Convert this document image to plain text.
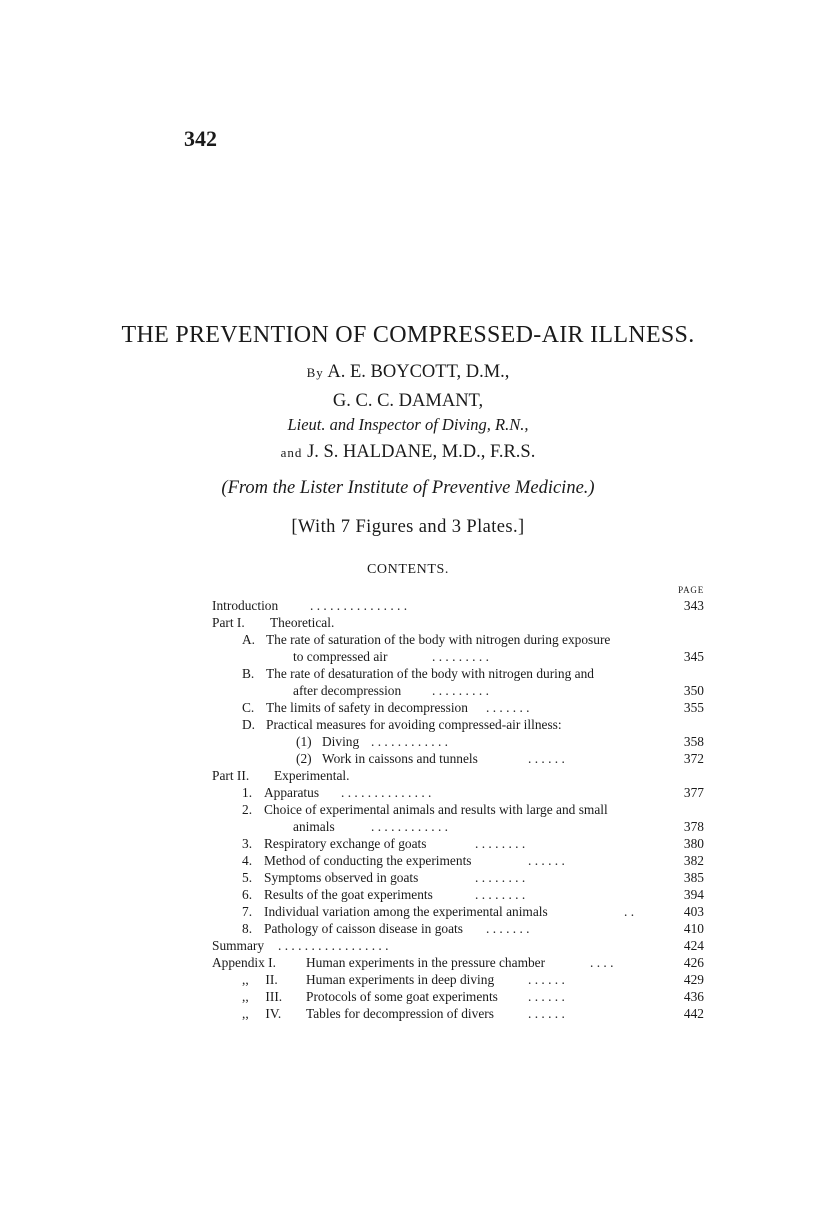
342
THE PREVENTION OF COMPRESSED-AIR ILLNESS.
By A. E. BOYCOTT, D.M.,
G. C. C. DAMANT,
Lieut. and Inspector of Diving, R.N.,
and J. S. HALDANE, M.D., F.R.S.
(From the Lister Institute of Preventive Medicine.)
[With 7 Figures and 3 Plates.]
CONTENTS.
PAGE
Introduction . . . . . . . . . . . . . . .	343
Part I. Theoretical.
A. The rate of saturation of the body with nitrogen during exposure
to compressed air	. . . . . . . . .	345
B. The rate of desaturation of the body with nitrogen during and
after decompression . . . . . . . . .	350
C. The limits of safety in decompression . . . . . . .	355
D. Practical measures for avoiding compressed-air illness:
(1) Diving . . . . . . . . . . . .	358
(2) Work in caissons and tunnels	. . . . . .	372
Part II. Experimental.
1. Apparatus . . . . . . . . . . . . . .	377
2. Choice of experimental animals and results with large and small
animals	. . . . . . . . . . . .	378
3. Respiratory exchange of goats	. . . . . . . .	380
4. Method of conducting the experiments	. . . . . .	382
5. Symptoms observed in goats	. . . . . . . .	385
6. Results of the goat experiments	. . . . . . . .	394
7. Individual variation among the experimental animals	. .	403
8. Pathology of caisson disease in goats . . . . . . .	410
Summary . . . . . . . . . . . . . . . . .	424
Appendix I. Human experiments in the pressure chamber	. . . .	426
,,     II. Human experiments in deep diving	. . . . . .	429
,,     III. Protocols of some goat experiments . . . . . .	436
,,     IV. Tables for decompression of divers	. . . . . .	442
